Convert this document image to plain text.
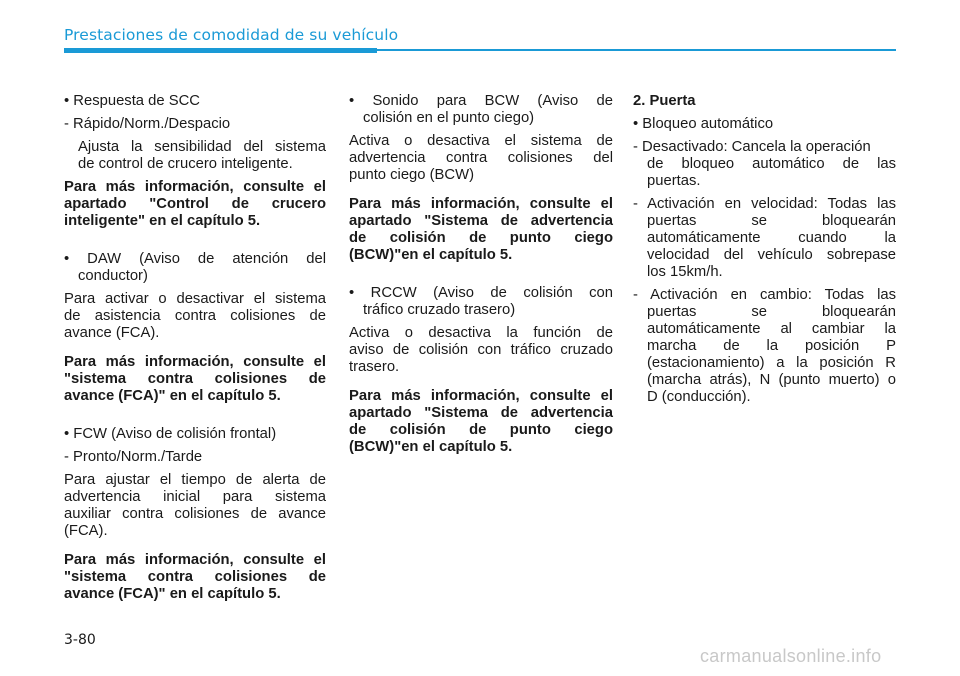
Prestaciones de comodidad de su vehículo
• Respuesta de SCC
- Rápido/Norm./Despacio
Ajusta la sensibilidad del sistema
de control de crucero inteligente.
Para más información, consulte el
apartado "Control de crucero
inteligente" en el capítulo 5.
• DAW (Aviso de atención del
conductor)
Para activar o desactivar el sistema
de asistencia contra colisiones de
avance (FCA).
Para más información, consulte el
"sistema contra colisiones de
avance (FCA)" en el capítulo 5.
• FCW (Aviso de colisión frontal)
- Pronto/Norm./Tarde
Para ajustar el tiempo de alerta de
advertencia inicial para sistema
auxiliar contra colisiones de avance
(FCA).
Para más información, consulte el
"sistema contra colisiones de
avance (FCA)" en el capítulo 5.
• Sonido para BCW (Aviso de
colisión en el punto ciego)
Activa o desactiva el sistema de
advertencia contra colisiones del
punto ciego (BCW)
Para más información, consulte el
apartado "Sistema de advertencia
de colisión de punto ciego
(BCW)"en el capítulo 5.
• RCCW (Aviso de colisión con
tráfico cruzado trasero)
Activa o desactiva la función de
aviso de colisión con tráfico cruzado
trasero.
Para más información, consulte el
apartado "Sistema de advertencia
de colisión de punto ciego
(BCW)"en el capítulo 5.
2. Puerta
• Bloqueo automático
- Desactivado: Cancela la operación
de bloqueo automático de las
puertas.
- Activación en velocidad: Todas las
puertas se bloquearán
automáticamente cuando la
velocidad del vehículo sobrepase
los 15km/h.
- Activación en cambio: Todas las
puertas se bloquearán
automáticamente al cambiar la
marcha de la posición P
(estacionamiento) a la posición R
(marcha atrás), N (punto muerto) o
D (conducción).
3-80
carmanualsonline.info
